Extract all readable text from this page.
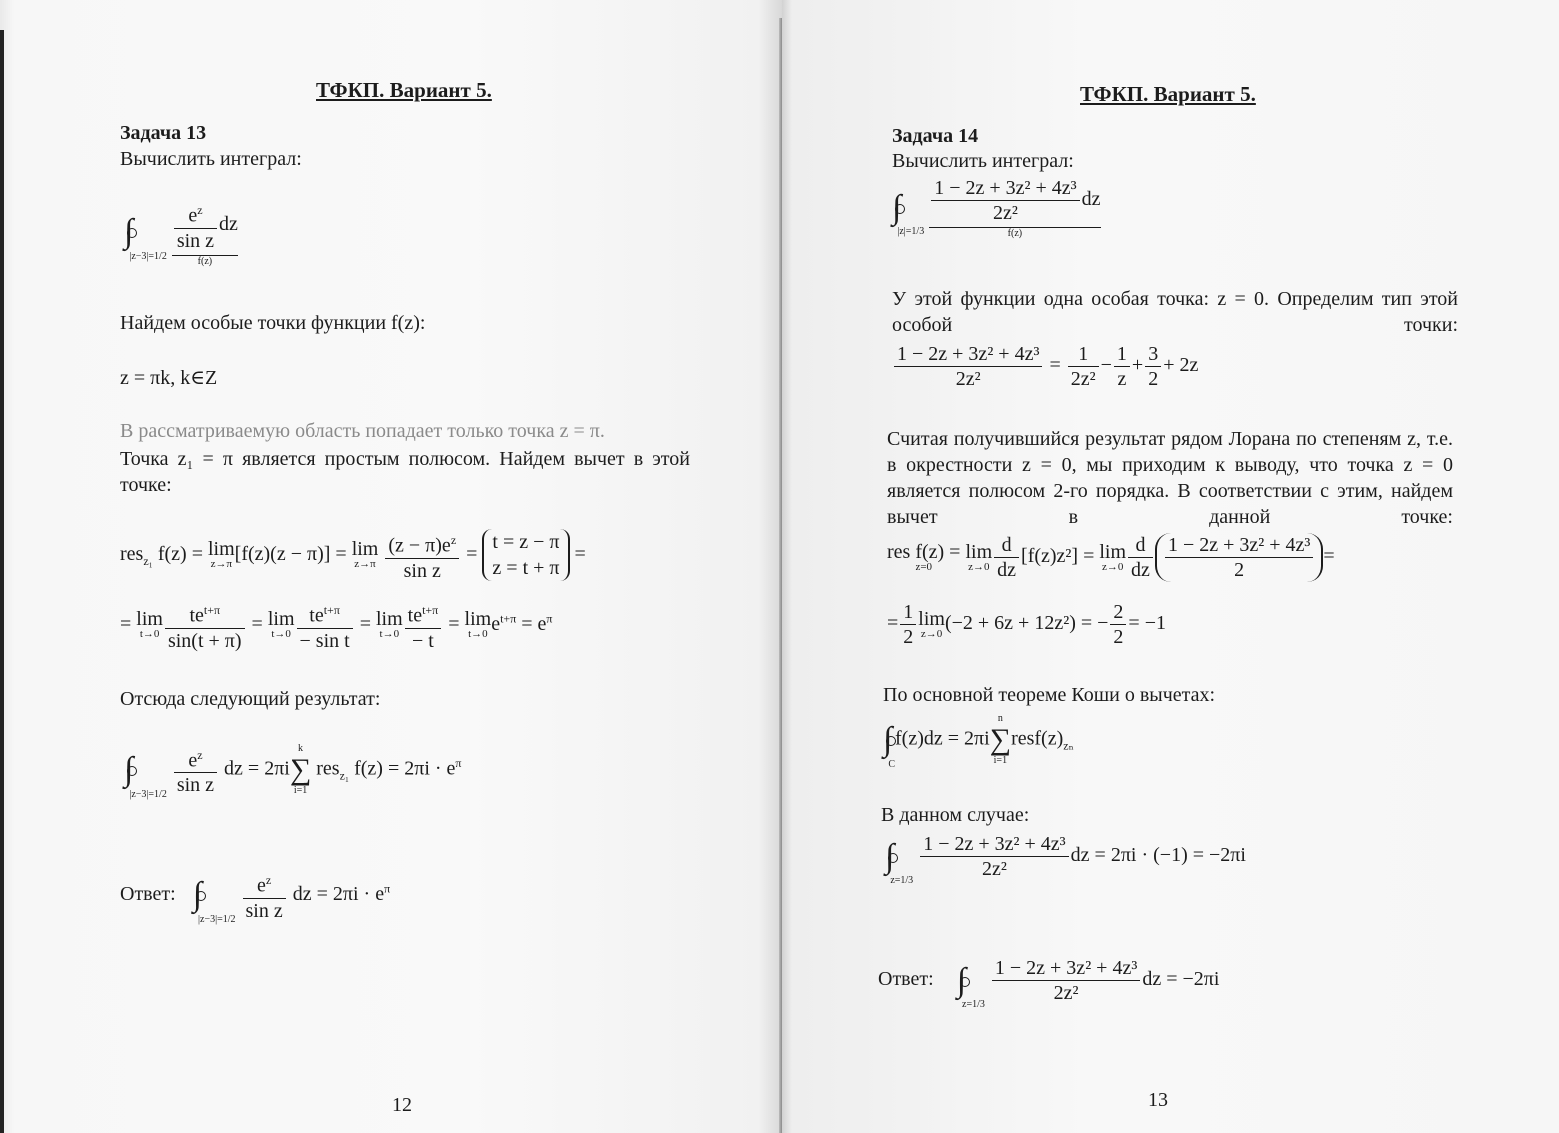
ТФКП. Вариант 5.
Задача 13
Вычислить интеграл:
∫
$_{|z-3|=1/2}$
$\frac{e^z}{\text{sin z}}$ dz
f(z)
Найдем особые точки функции f(z):
z = πk, k∈Z
В рассматриваемую область попадает только точка z = π.
Точка z₁ = π является простым полюсом. Найдем вычет в этой точке:
res$_{z_1}$ f(z) = lim
z→π [f(z)(z − π)] = lim
z→π
$\frac{(z - \pi)e^z}{\text{sin z}}$ =
t = z − π
z = t + π
=
= lim
$t\to 0 \frac{te^{t+\pi}}{\sin(t + \pi)} = \lim$
$t\to 0 \frac{te^{t+\pi}}{\text{− sin t}} = \lim$
$t\to 0 \frac{te^{t+\pi}}{- t} = \lim$
t→0 $e^{t+\pi} = e^\pi$
Отсюда следующий результат:
∫
$_{|z-3|=1/2} \frac{e^z}{\text{sin z}}$ dz = 2πi
k
∑
i=1
res$_{z_1}$ $f(z) = 2\pi i \cdot e^\pi$
Ответ: ∫
$_{|z-3|=1/2} \frac{e^z}{\text{sin z}}$ dz = $2\pi i \cdot e^\pi$
12
ТФКП. Вариант 5.
Задача 14
Вычислить интеграл:
∫
$_{|z|=1/3}$
$\frac{\text{1 − 2z + 3z² + 4z³}}{\text{2z²}}$ dz
f(z)
У этой функции одна особая точка: z = 0. Определим тип этой особой точки:
$\frac{\text{1 − 2z + 3z² + 4z³}}{\text{2z²}} = \frac{1}{\text{2z²}} - \frac{1}{z} + \frac{3}{2} + 2z$
Считая получившийся результат рядом Лорана по степеням z, т.е. в окрестности z = 0, мы приходим к выводу, что точка z = 0 является полюсом 2-го порядка. В соответствии с этим, найдем вычет в данной точке:
res f(z) =
z=0
lim
$z\to 0 \frac{d}{dz} [f(z)z^2] = \lim$
$z\to 0 \frac{d}{dz} \frac{\text{1 − 2z + 3z² + 4z³}}{2}$ =
= $\frac{1}{2}$ lim
z→0 (−2 + 6z + 12z²) = − $\frac{2}{2} = -1$
По основной теореме Коши о вычетах:
∫
$_C$f(z)dz = 2πi
n
∑
i=1
$resf(z)_{z_n}$
В данном случае:
∫
$_{z=1/3} \frac{\text{1 − 2z + 3z² + 4z³}}{\text{2z²}}$ dz = 2πi · (−1) = −2πi
Ответ: ∫
$_{z=1/3} \frac{\text{1 − 2z + 3z² + 4z³}}{\text{2z²}}$ dz = −2πi
13
